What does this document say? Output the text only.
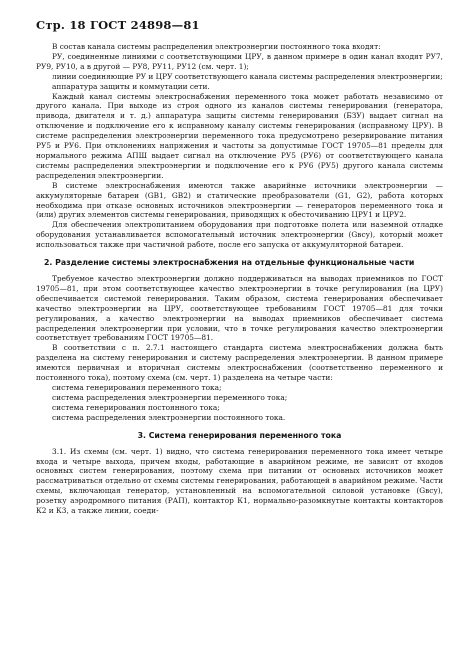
Стр. 18 ГОСТ 24898—81

В состав канала системы распределения электроэнергии постоянного тока входят:

РУ, соединенные линиями с соответствующими ЦРУ, в данном примере в один канал входят РУ7, РУ9, РУ10, а в другой — РУ8, РУ11, РУ12 (см. черт. 1);

линии соединяющие РУ и ЦРУ соответствующего канала системы распределения электроэнергии;

аппаратура защиты и коммутации сети.

Каждый канал системы электроснабжения переменного тока может работать независимо от другого канала. При выходе из строя одного из каналов системы генерирования (генератора, привода, двигателя и т. д.) аппаратура защиты системы генерирования (БЗУ) выдает сигнал на отключение и подключение его к исправному каналу системы генерирования (исправному ЦРУ). В системе распределения электроэнергии переменного тока предусмотрено резервирование питания РУ5 и РУ6. При отклонениях напряжения и частоты за допустимые ГОСТ 19705—81 пределы для нормального режима АПШ выдает сигнал на отключение РУ5 (РУ6) от соответствующего канала системы распределения электроэнергии и подключение его к РУ6 (РУ5) другого канала системы распределения электроэнергии.

В системе электроснабжения имеются также аварийные источники электроэнергии — аккумуляторные батареи (GB1, GB2) и статические преобразователи (G1, G2), работа которых необходима при отказе основных источников электроэнергии — генераторов переменного тока и (или) других элементов системы генерирования, приводящих к обесточиванию ЦРУ1 и ЦРУ2.

Для обеспечения электропитанием оборудования при подготовке полета или наземной отладке оборудования устанавливается вспомогательный источник электроэнергии (Gвсу), который может использоваться также при частичной работе, после его запуска от аккумуляторной батареи.

2. Разделение системы электроснабжения на отдельные функциональные части

Требуемое качество электроэнергии должно поддерживаться на выводах приемников по ГОСТ 19705—81, при этом соответствующее качество электроэнергии в точке регулирования (на ЦРУ) обеспечивается системой генерирования. Таким образом, система генерирования обеспечивает качество электроэнергии на ЦРУ, соответствующее требованиям ГОСТ 19705—81 для точки регулирования, а качество электроэнергии на выводах приемников обеспечивает система распределения электроэнергии при условии, что в точке регулирования качество электроэнергии соответствует требованиям ГОСТ 19705—81.

В соответствии с п. 2.7.1 настоящего стандарта система электроснабжения должна быть разделена на систему генерирования и систему распределения электроэнергии. В данном примере имеются первичная и вторичная системы электроснабжения (соответственно переменного и постоянного тока), поэтому схема (см. черт. 1) разделена на четыре части:

система генерирования переменного тока;

система распределения электроэнергии переменного тока;

система генерирования постоянного тока;

система распределения электроэнергии постоянного тока.

3. Система генерирования переменного тока

3.1. Из схемы (см. черт. 1) видно, что система генерирования переменного тока имеет четыре входа и четыре выхода, причем входы, работающие в аварийном режиме, не зависят от входов основных систем генерирования, поэтому схема при питании от основных источников может рассматриваться отдельно от схемы системы генерирования, работающей в аварийном режиме. Части схемы, включающая генератор, установленный на вспомогательной силовой установке (Gвсу), розетку аэродромного питания (РАП), контактор К1, нормально-разомкнутые контакты контакторов К2 и К3, а также линии, соеди-
